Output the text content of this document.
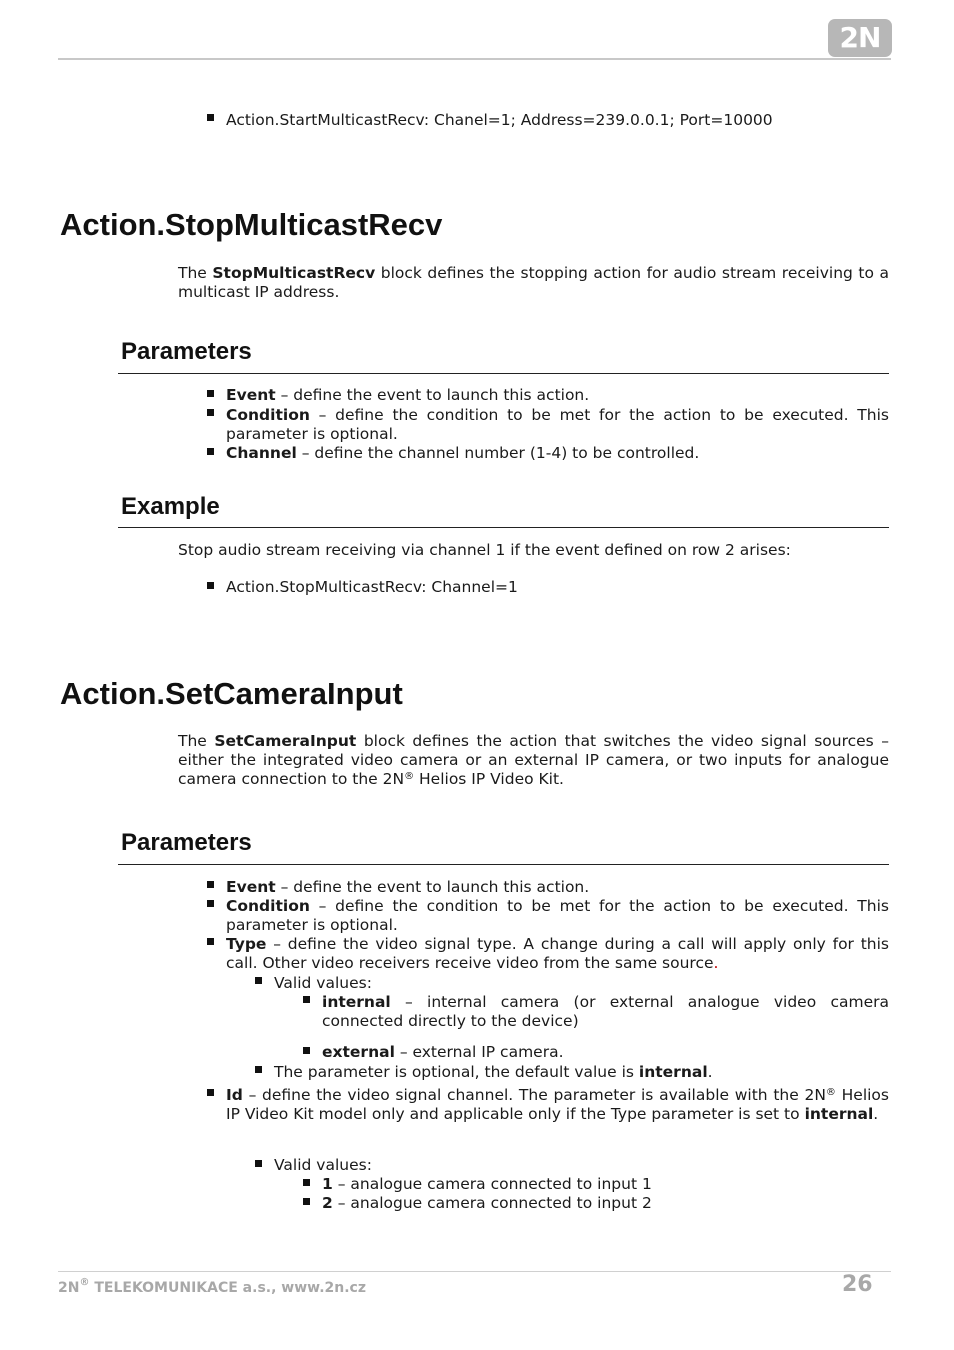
2N
Action.StartMulticastRecv: Chanel=1; Address=239.0.0.1; Port=10000
Action.StopMulticastRecv
The StopMulticastRecv block defines the stopping action for audio stream receiving to a multicast IP address.
Parameters
Event – define the event to launch this action.
Condition – define the condition to be met for the action to be executed. This parameter is optional.
Channel – define the channel number (1-4) to be controlled.
Example
Stop audio stream receiving via channel 1 if the event defined on row 2 arises:
Action.StopMulticastRecv: Channel=1
Action.SetCameraInput
The SetCameraInput block defines the action that switches the video signal sources – either the integrated video camera or an external IP camera, or two inputs for analogue camera connection to the 2N® Helios IP Video Kit.
Parameters
Event – define the event to launch this action.
Condition – define the condition to be met for the action to be executed. This parameter is optional.
Type – define the video signal type. A change during a call will apply only for this call. Other video receivers receive video from the same source.
Valid values:
internal – internal camera (or external analogue video camera connected directly to the device)
external – external IP camera.
The parameter is optional, the default value is internal.
Id – define the video signal channel. The parameter is available with the 2N® Helios IP Video Kit model only and applicable only if the Type parameter is set to internal.
Valid values:
1 – analogue camera connected to input 1
2 – analogue camera connected to input 2
2N® TELEKOMUNIKACE a.s., www.2n.cz	26
